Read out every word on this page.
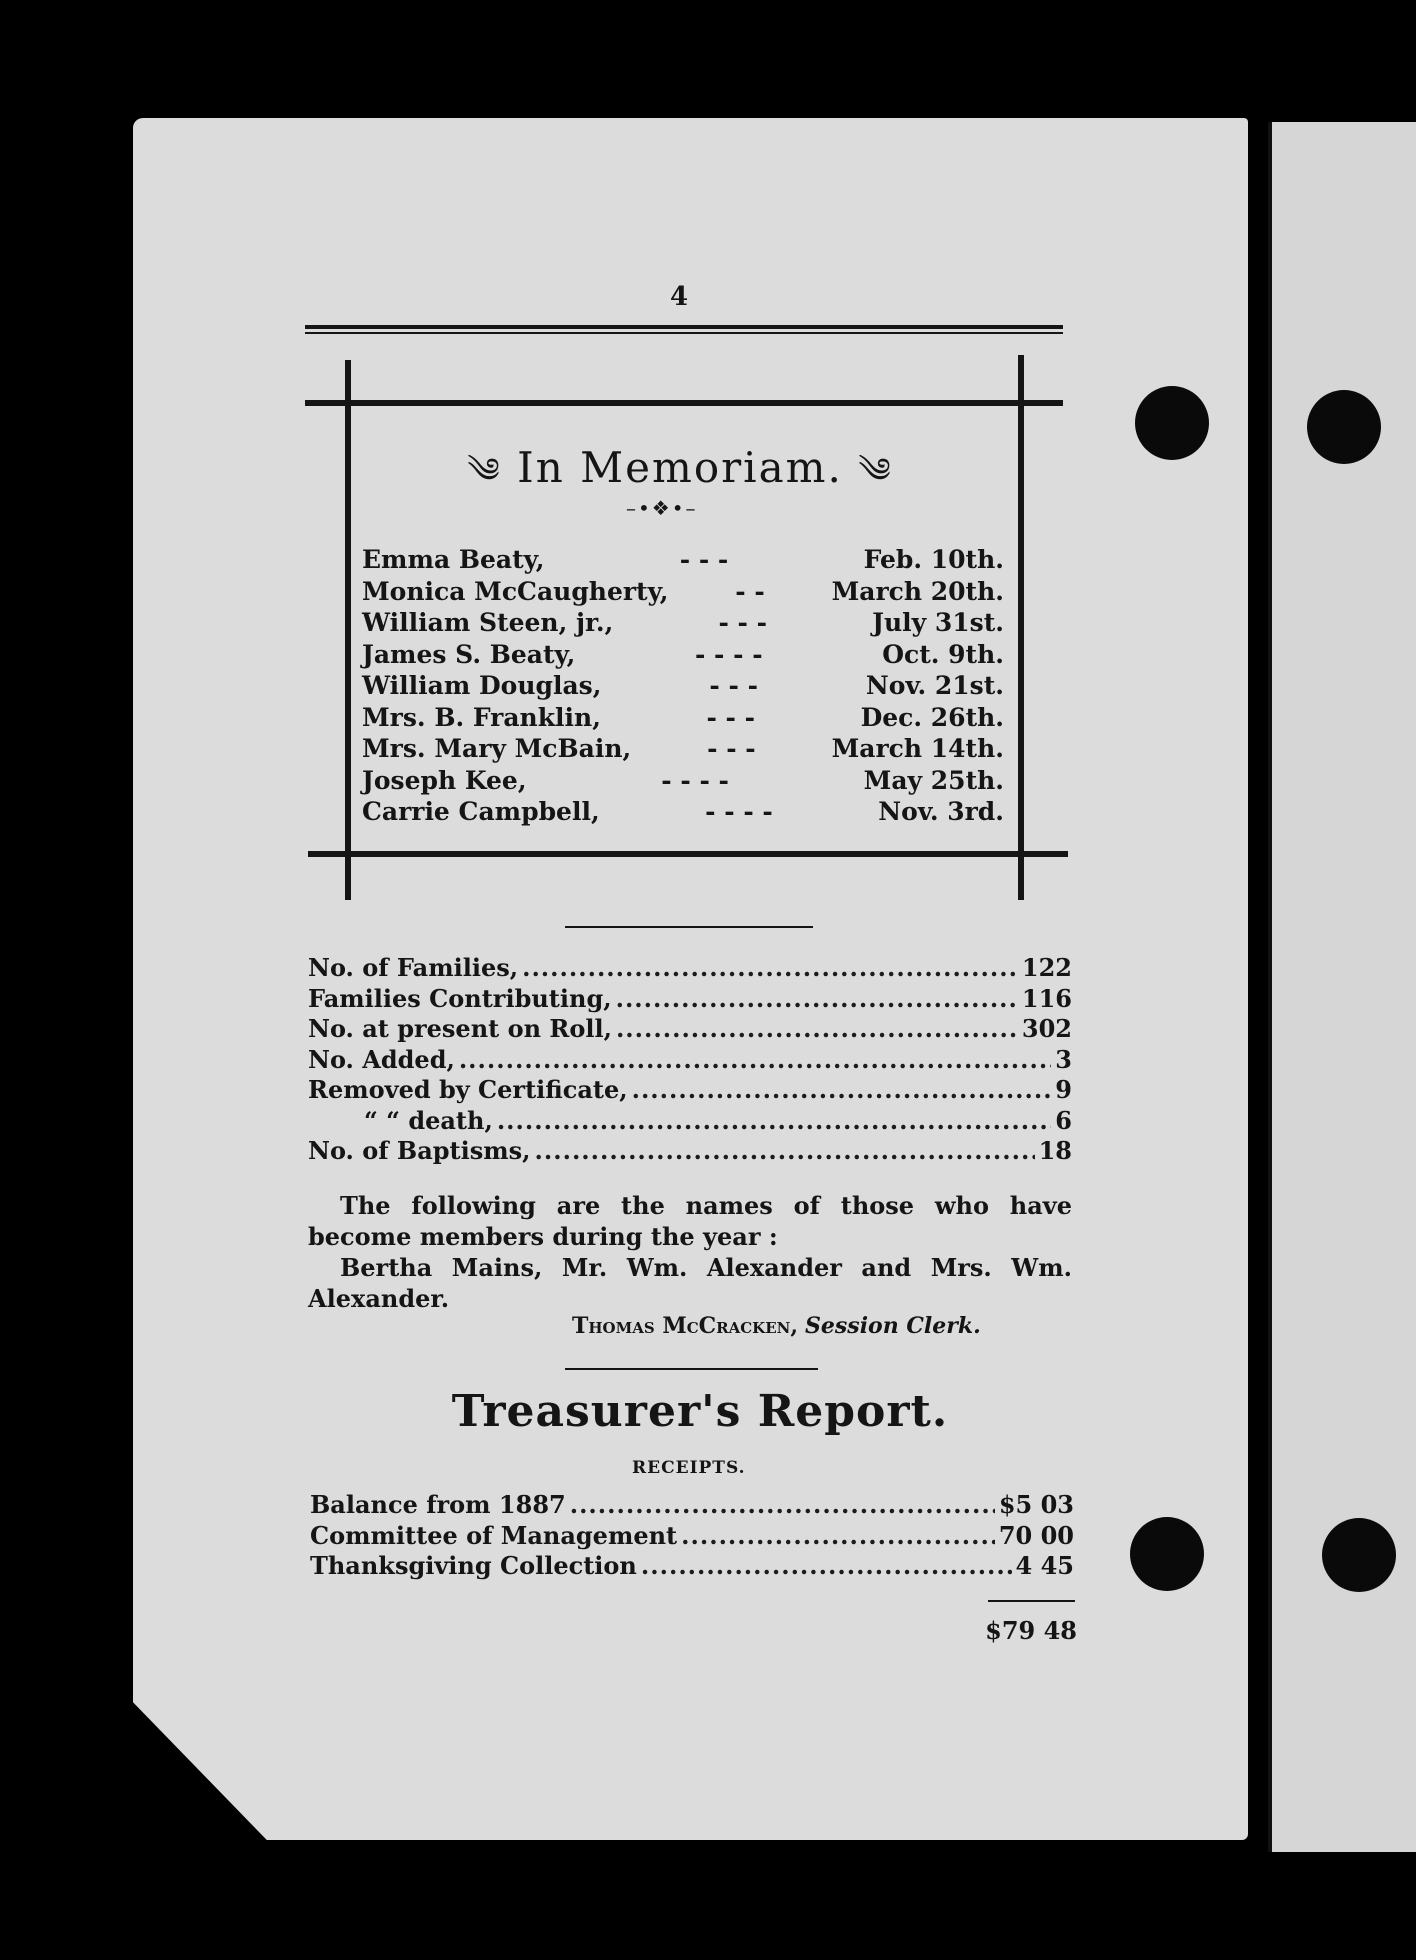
4
༄ In Memoriam. ༄
–•❖•–
Emma Beaty,	- - -	Feb. 10th.
Monica McCaugherty,	- -	March 20th.
William Steen, jr.,	- - -	July 31st.
James S. Beaty,	- - - -	Oct. 9th.
William Douglas,	- - -	Nov. 21st.
Mrs. B. Franklin,	- - -	Dec. 26th.
Mrs. Mary McBain,	- - -	March 14th.
Joseph Kee,	- - - -	May 25th.
Carrie Campbell,	- - - -	Nov. 3rd.
No. of Families, .....	122
Families Contributing, .....	116
No. at present on Roll, .....	302
No. Added, .....	3
Removed by Certificate, .....	9
“ “ death, .....	6
No. of Baptisms, .....	18

The following are the names of those who have become members during the year :

Bertha Mains, Mr. Wm. Alexander and Mrs. Wm. Alexander.

Thomas McCracken, Session Clerk.
Treasurer's Report.
RECEIPTS.
Balance from 1887 .....	$5 03
Committee of Management .....	70 00
Thanksgiving Collection .....	4 45
$79 48
